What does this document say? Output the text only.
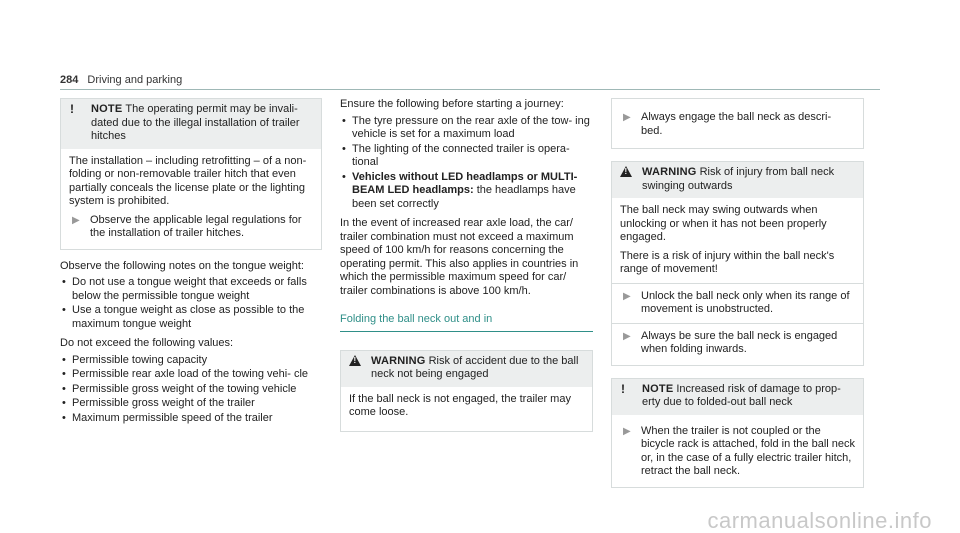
284 Driving and parking
!	NOTE The operating permit may be invali- dated due to the illegal installation of trailer hitches

The installation – including retrofitting – of a non-folding or non-removable trailer hitch that even partially conceals the license plate or the lighting system is prohibited.

▶ Observe the applicable legal regulations for the installation of trailer hitches.

Observe the following notes on the tongue weight:

• Do not use a tongue weight that exceeds or falls below the permissible tongue weight
• Use a tongue weight as close as possible to the maximum tongue weight

Do not exceed the following values:

• Permissible towing capacity
• Permissible rear axle load of the towing vehi- cle
• Permissible gross weight of the towing vehicle
• Permissible gross weight of the trailer
• Maximum permissible speed of the trailer

Ensure the following before starting a journey:

• The tyre pressure on the rear axle of the tow- ing vehicle is set for a maximum load
• The lighting of the connected trailer is opera- tional
• Vehicles without LED headlamps or MULTI- BEAM LED headlamps: the headlamps have been set correctly

In the event of increased rear axle load, the car/ trailer combination must not exceed a maximum speed of 100 km/h for reasons concerning the operating permit. This also applies in countries in which the permissible maximum speed for car/ trailer combinations is above 100 km/h.

Folding the ball neck out and in
!	WARNING Risk of accident due to the ball neck not being engaged

If the ball neck is not engaged, the trailer may come loose.

▶ Always engage the ball neck as descri- bed.
!	WARNING Risk of injury from ball neck swinging outwards

The ball neck may swing outwards when unlocking or when it has not been properly engaged.

There is a risk of injury within the ball neck's range of movement!

▶ Unlock the ball neck only when its range of movement is unobstructed.
▶ Always be sure the ball neck is engaged when folding inwards.
!	NOTE Increased risk of damage to prop- erty due to folded-out ball neck
▶ When the trailer is not coupled or the bicycle rack is attached, fold in the ball neck or, in the case of a fully electric trailer hitch, retract the ball neck.
carmanualsonline.info
